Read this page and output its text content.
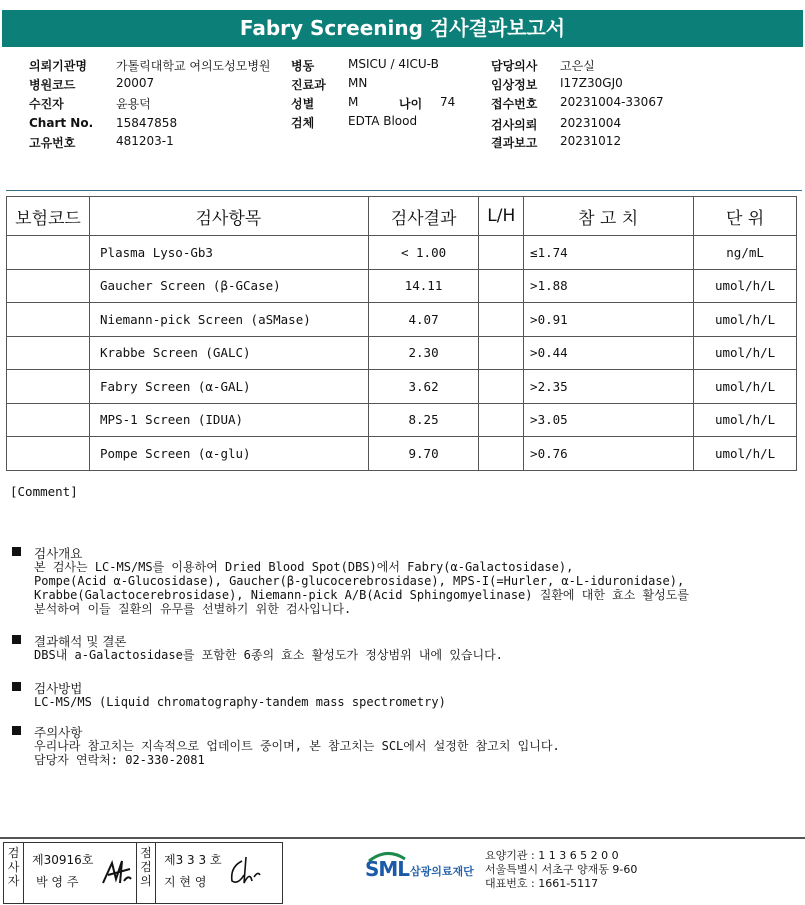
Fabry Screening 검사결과보고서
의뢰기관명 가톨릭대학교 여의도성모병원
병원코드	20007
수진자	윤용덕
Chart No. 15847858
고유번호	481203-1
병동	MSICU / 4ICU-B
진료과 MN
성별	M	나이 74
검체	EDTA Blood
담당의사 고은실
임상정보 I17Z30GJ0
접수번호 20231004-33067
검사의뢰 20231004
결과보고 20231012
보험코드	검사항목	검사결과	L/H	참 고 치	단 위
	Plasma Lyso-Gb3	< 1.00		≤1.74	ng/mL
	Gaucher Screen (β-GCase)	14.11		>1.88	umol/h/L
	Niemann-pick Screen (aSMase)	4.07		>0.91	umol/h/L
	Krabbe Screen (GALC)	2.30		>0.44	umol/h/L
	Fabry Screen (α-GAL)	3.62		>2.35	umol/h/L
	MPS-1 Screen (IDUA)	8.25		>3.05	umol/h/L
	Pompe Screen (α-glu)	9.70		>0.76	umol/h/L
[Comment]
검사개요
본 검사는 LC-MS/MS를 이용하여 Dried Blood Spot(DBS)에서 Fabry(α-Galactosidase),
Pompe(Acid α-Glucosidase), Gaucher(β-glucocerebrosidase), MPS-I(=Hurler, α-L-iduronidase),
Krabbe(Galactocerebrosidase), Niemann-pick A/B(Acid Sphingomyelinase) 질환에 대한 효소 활성도를
분석하여 이들 질환의 유무를 선별하기 위한 검사입니다.
결과해석 및 결론
DBS내 a-Galactosidase를 포함한 6종의 효소 활성도가 정상범위 내에 있습니다.
검사방법
LC-MS/MS (Liquid chromatography-tandem mass spectrometry)
주의사항
우리나라 참고치는 지속적으로 업데이트 중이며, 본 참고치는 SCL에서 설정한 참고치 입니다.
담당자 연락처: 02-330-2081
검사자
제30916호
박 영 주
점검의
제3 3 3 호
지 현 영
SML 삼광의료재단
요양기관 : 1 1 3 6 5 2 0 0
서울특별시 서초구 양재동 9-60
대표번호 : 1661-5117
